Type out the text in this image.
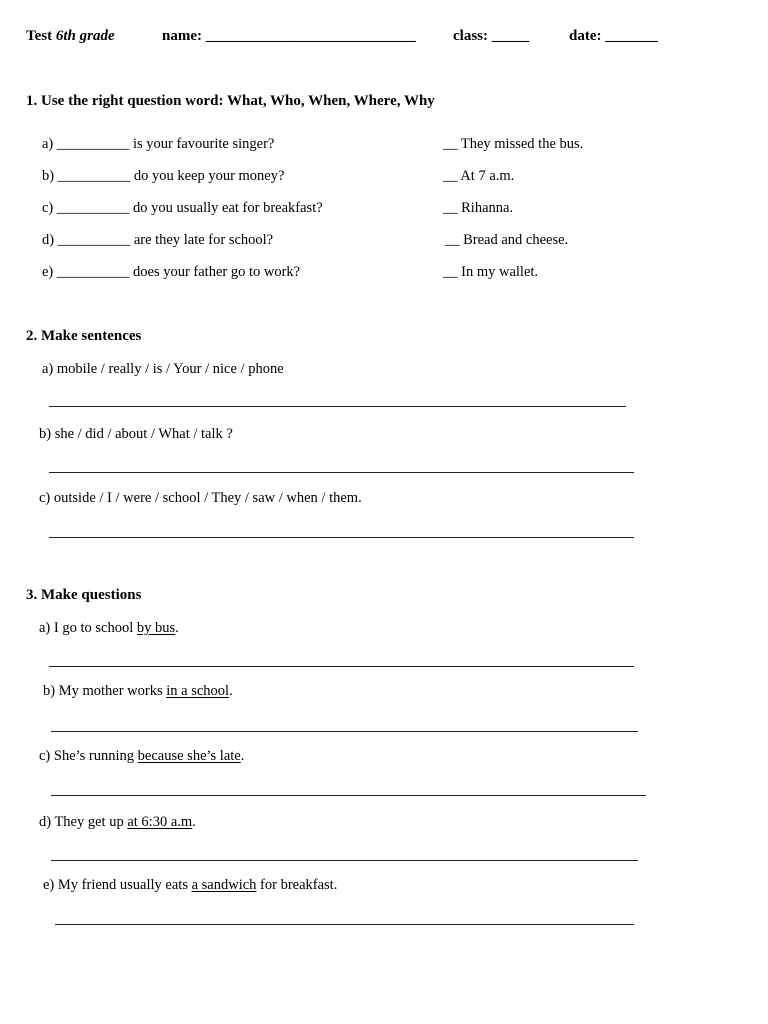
Test 6th grade	name: ____________________________ class: _____	date: _______
1. Use the right question word: What, Who, When, Where, Why
a) __________ is your favourite singer?	__ They missed the bus.
b) __________ do you keep your money?	__ At 7 a.m.
c) __________ do you usually eat for breakfast?	__ Rihanna.
d) __________ are they late for school?	__ Bread and cheese.
e) __________ does your father go to work?	__ In my wallet.
2. Make sentences
a) mobile / really / is / Your / nice / phone
b) she / did / about / What / talk ?
c) outside / I / were / school / They / saw / when / them.
3. Make questions
a) I go to school by bus.
b) My mother works in a school.
c) She’s running because she’s late.
d) They get up at 6:30 a.m.
e) My friend usually eats a sandwich for breakfast.
